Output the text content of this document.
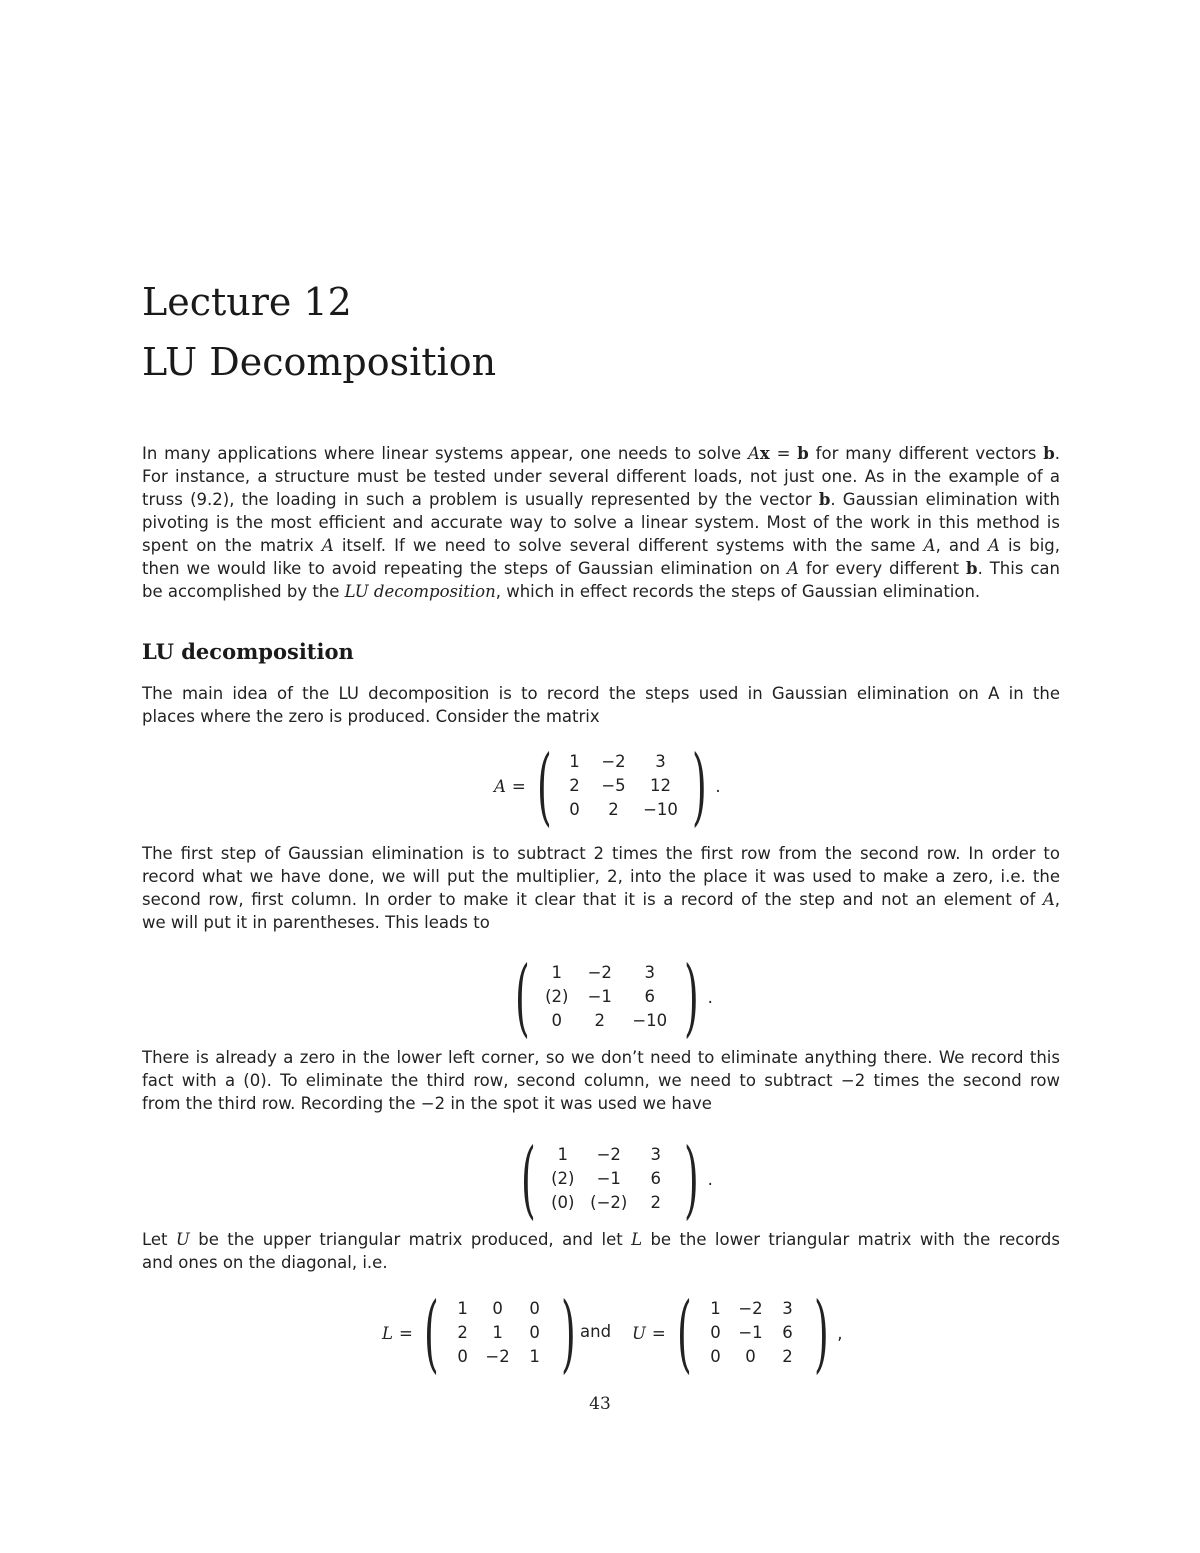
Lecture 12
LU Decomposition
In many applications where linear systems appear, one needs to solve Ax = b for many different vectors b.
For instance, a structure must be tested under several different loads, not just one. As in the example of a
truss (9.2), the loading in such a problem is usually represented by the vector b. Gaussian elimination with
pivoting is the most efficient and accurate way to solve a linear system. Most of the work in this method is
spent on the matrix A itself. If we need to solve several different systems with the same A, and A is big,
then we would like to avoid repeating the steps of Gaussian elimination on A for every different b. This can
be accomplished by the LU decomposition, which in effect records the steps of Gaussian elimination.
LU decomposition
The main idea of the LU decomposition is to record the steps used in Gaussian elimination on A in the
places where the zero is produced. Consider the matrix
A = (	1	−2	3
2	−5	12
0	2	−10 ) .
The first step of Gaussian elimination is to subtract 2 times the first row from the second row. In order to
record what we have done, we will put the multiplier, 2, into the place it was used to make a zero, i.e. the
second row, first column. In order to make it clear that it is a record of the step and not an element of A,
we will put it in parentheses. This leads to
(	1	−2	3
(2)	−1	6
0	2	−10 ) .
There is already a zero in the lower left corner, so we don’t need to eliminate anything there. We record this
fact with a (0). To eliminate the third row, second column, we need to subtract −2 times the second row
from the third row. Recording the −2 in the spot it was used we have
(	1	−2	3
(2)	−1	6
(0) (−2)	2 ) .
Let U be the upper triangular matrix produced, and let L be the lower triangular matrix with the records
and ones on the diagonal, i.e.
L = (	1	0	0
2	1	0
0	−2	1 ) and U = (	1	−2	3
0	−1	6
0	0	2 ) ,
43
